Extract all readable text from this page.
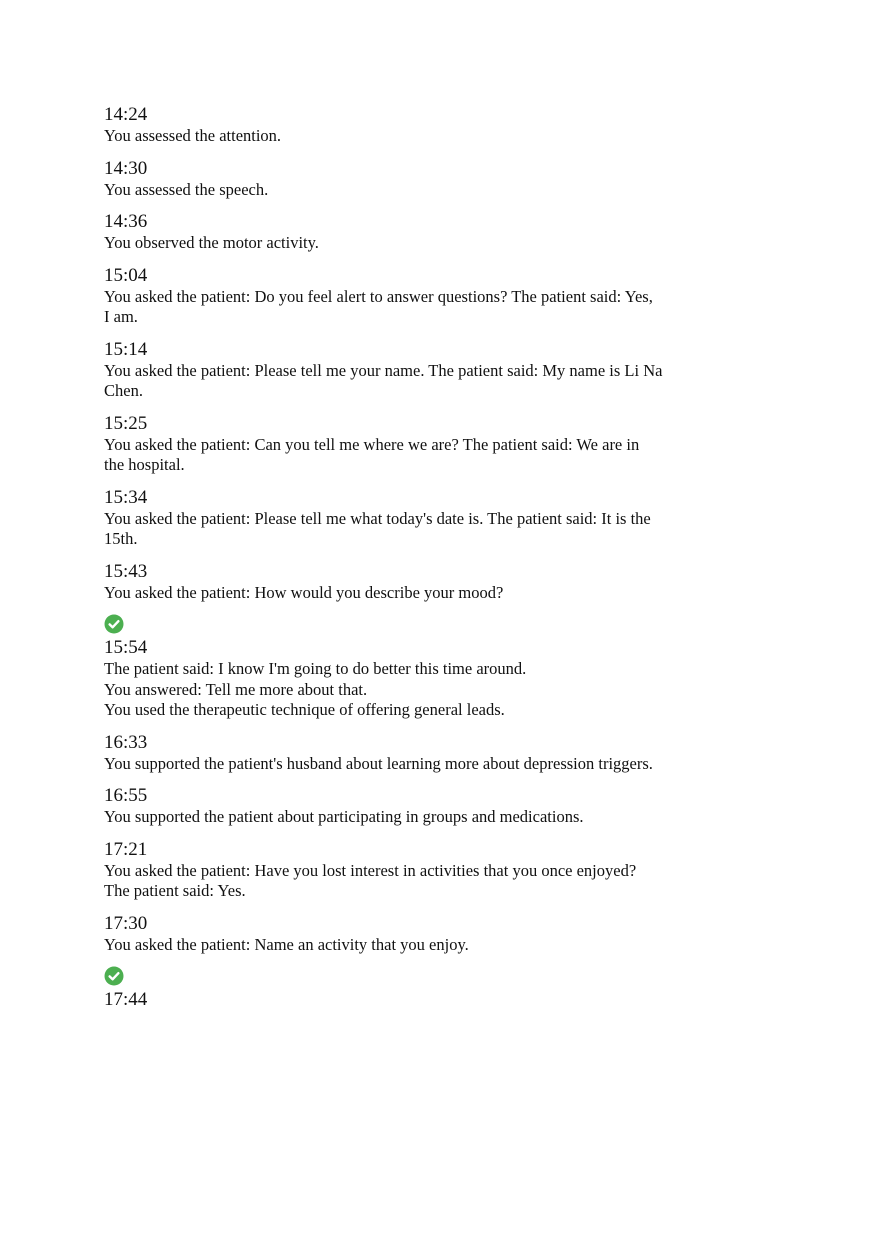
14:24
You assessed the attention.
14:30
You assessed the speech.
14:36
You observed the motor activity.
15:04
You asked the patient: Do you feel alert to answer questions? The patient said: Yes,
I am.
15:14
You asked the patient: Please tell me your name. The patient said: My name is Li Na
Chen.
15:25
You asked the patient: Can you tell me where we are? The patient said: We are in
the hospital.
15:34
You asked the patient: Please tell me what today's date is. The patient said: It is the
15th.
15:43
You asked the patient: How would you describe your mood?
15:54
The patient said: I know I'm going to do better this time around.
You answered: Tell me more about that.
You used the therapeutic technique of offering general leads.
16:33
You supported the patient's husband about learning more about depression triggers.
16:55
You supported the patient about participating in groups and medications.
17:21
You asked the patient: Have you lost interest in activities that you once enjoyed?
The patient said: Yes.
17:30
You asked the patient: Name an activity that you enjoy.
17:44
